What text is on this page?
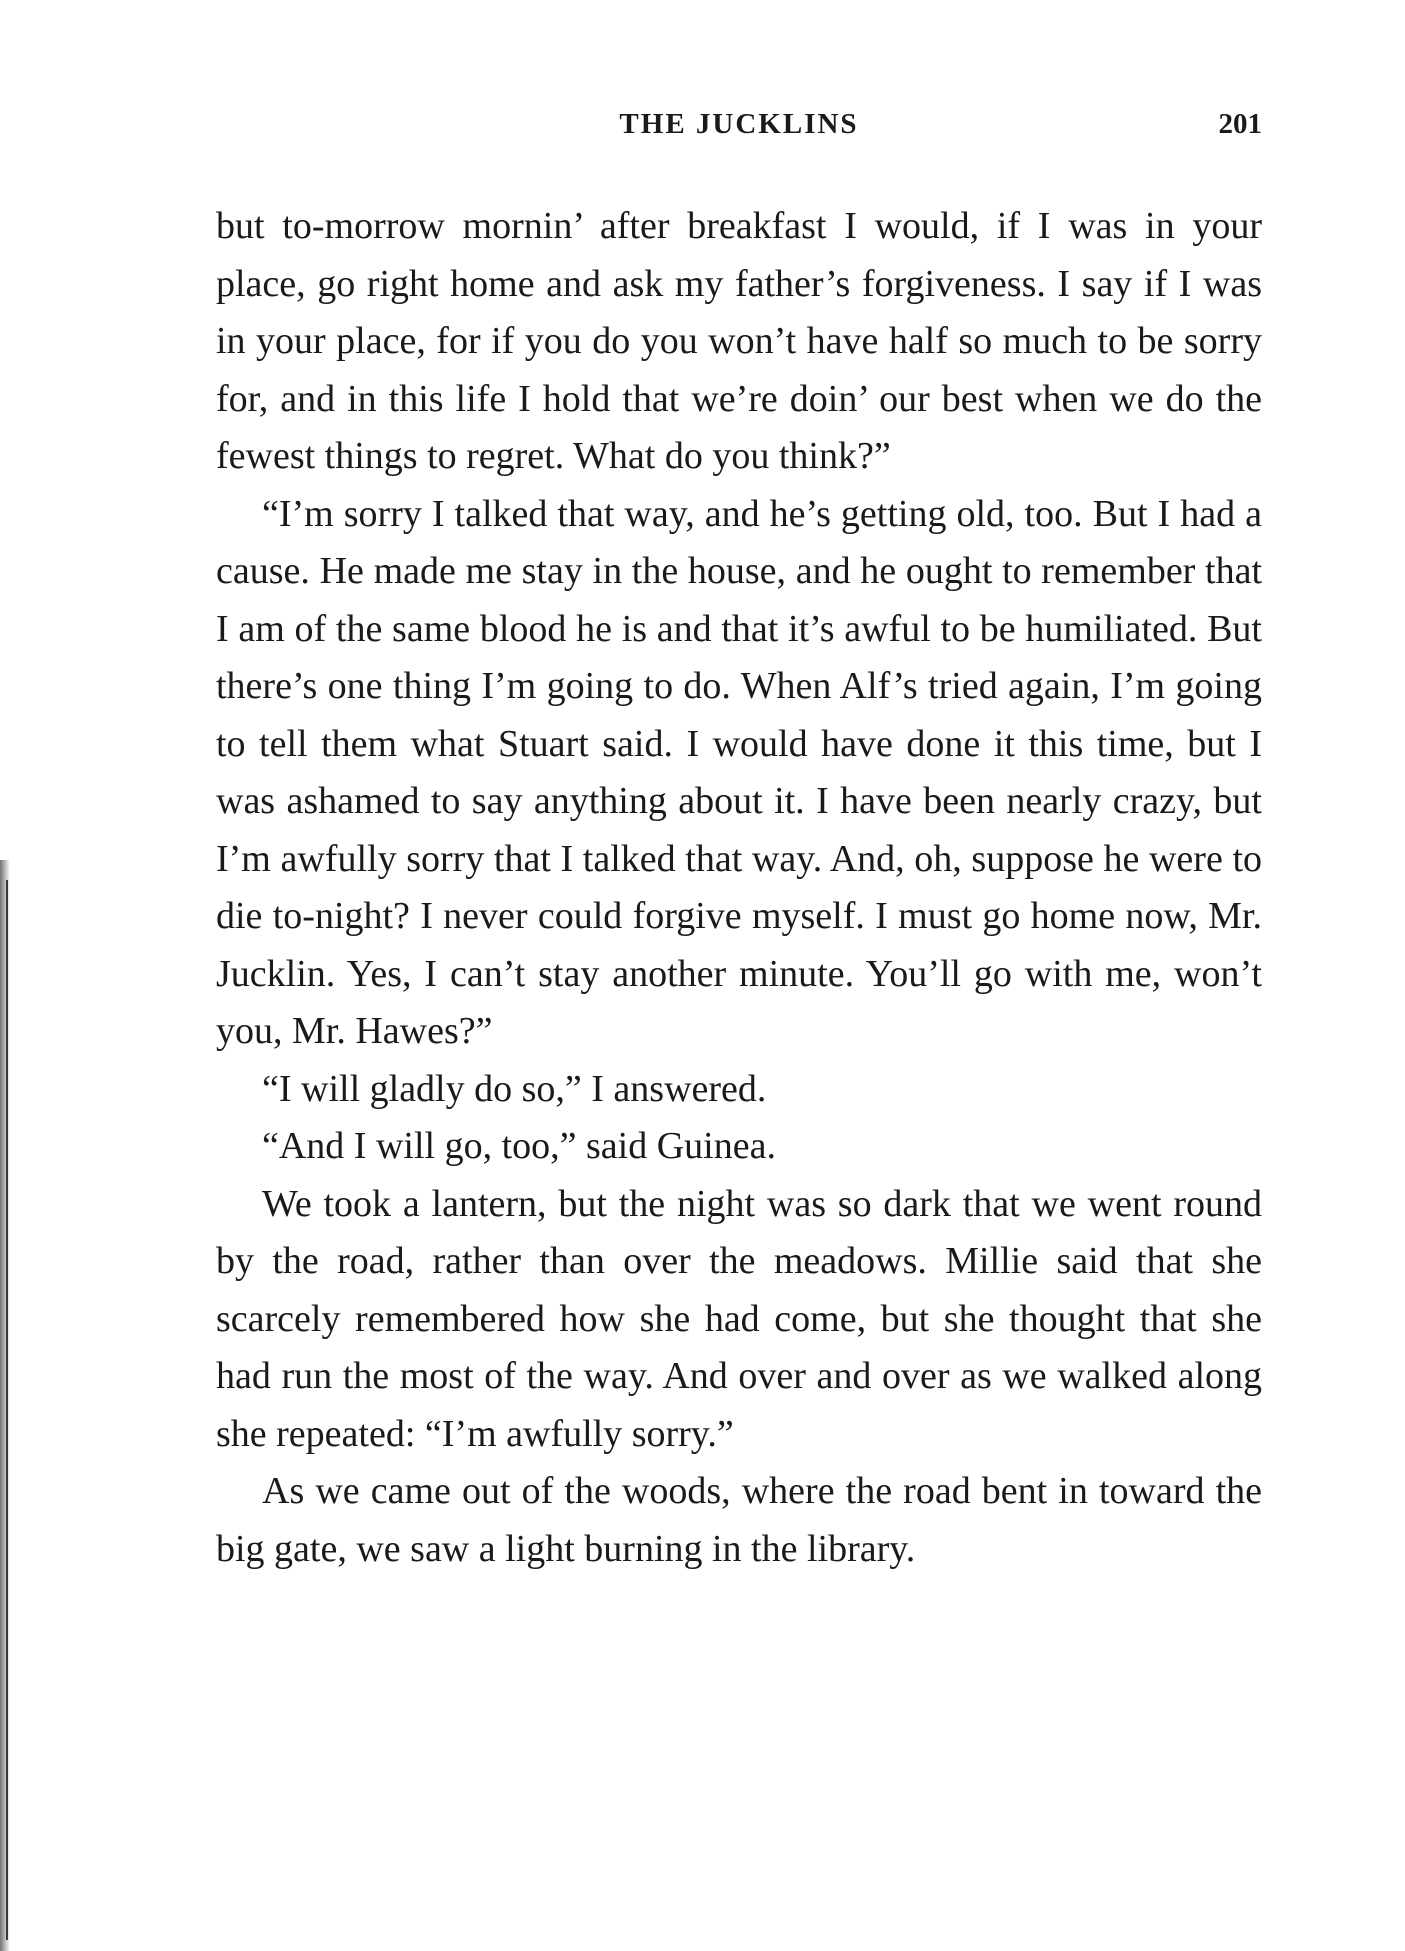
THE JUCKLINS	201

but to-morrow mornin’ after breakfast I would, if I was in your place, go right home and ask my father’s forgiveness. I say if I was in your place, for if you do you won’t have half so much to be sorry for, and in this life I hold that we’re doin’ our best when we do the fewest things to regret. What do you think?”

“I’m sorry I talked that way, and he’s getting old, too. But I had a cause. He made me stay in the house, and he ought to remember that I am of the same blood he is and that it’s awful to be humiliated. But there’s one thing I’m going to do. When Alf’s tried again, I’m going to tell them what Stuart said. I would have done it this time, but I was ashamed to say anything about it. I have been nearly crazy, but I’m awfully sorry that I talked that way. And, oh, suppose he were to die to-night? I never could forgive myself. I must go home now, Mr. Jucklin. Yes, I can’t stay another minute. You’ll go with me, won’t you, Mr. Hawes?”

“I will gladly do so,” I answered.

“And I will go, too,” said Guinea.

We took a lantern, but the night was so dark that we went round by the road, rather than over the meadows. Millie said that she scarcely remembered how she had come, but she thought that she had run the most of the way. And over and over as we walked along she repeated: “I’m awfully sorry.”

As we came out of the woods, where the road bent in toward the big gate, we saw a light burning in the library.
